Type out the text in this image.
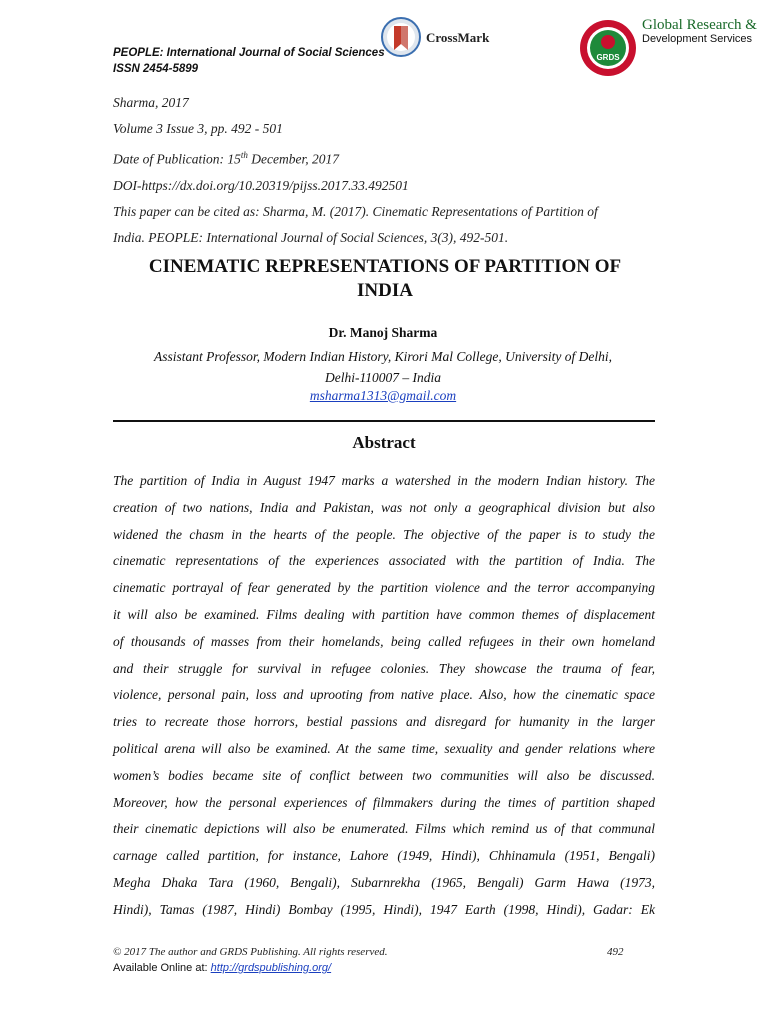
PEOPLE: International Journal of Social Sciences
ISSN 2454-5899
CrossMark
GRDS
Global Research &
Development Services
Sharma, 2017
Volume 3 Issue 3, pp. 492 - 501
Date of Publication: 15th December, 2017
DOI-https://dx.doi.org/10.20319/pijss.2017.33.492501
This paper can be cited as: Sharma, M. (2017). Cinematic Representations of Partition of
India. PEOPLE: International Journal of Social Sciences, 3(3), 492-501.
CINEMATIC REPRESENTATIONS OF PARTITION OF
INDIA
Dr. Manoj Sharma
Assistant Professor, Modern Indian History, Kirori Mal College, University of Delhi,
Delhi-110007 – India
msharma1313@gmail.com
Abstract
The partition of India in August 1947 marks a watershed in the modern Indian history. The
creation of two nations, India and Pakistan, was not only a geographical division but also
widened the chasm in the hearts of the people. The objective of the paper is to study the
cinematic representations of the experiences associated with the partition of India. The
cinematic portrayal of fear generated by the partition violence and the terror accompanying
it will also be examined. Films dealing with partition have common themes of displacement
of thousands of masses from their homelands, being called refugees in their own homeland
and their struggle for survival in refugee colonies. They showcase the trauma of fear,
violence, personal pain, loss and uprooting from native place. Also, how the cinematic space
tries to recreate those horrors, bestial passions and disregard for humanity in the larger
political arena will also be examined. At the same time, sexuality and gender relations where
women’s bodies became site of conflict between two communities will also be discussed.
Moreover, how the personal experiences of filmmakers during the times of partition shaped
their cinematic depictions will also be enumerated. Films which remind us of that communal
carnage called partition, for instance, Lahore (1949, Hindi), Chhinamula (1951, Bengali)
Megha Dhaka Tara (1960, Bengali), Subarnrekha (1965, Bengali) Garm Hawa (1973,
Hindi), Tamas (1987, Hindi) Bombay (1995, Hindi), 1947 Earth (1998, Hindi), Gadar: Ek
© 2017 The author and GRDS Publishing. All rights reserved.	492
Available Online at: http://grdspublishing.org/
